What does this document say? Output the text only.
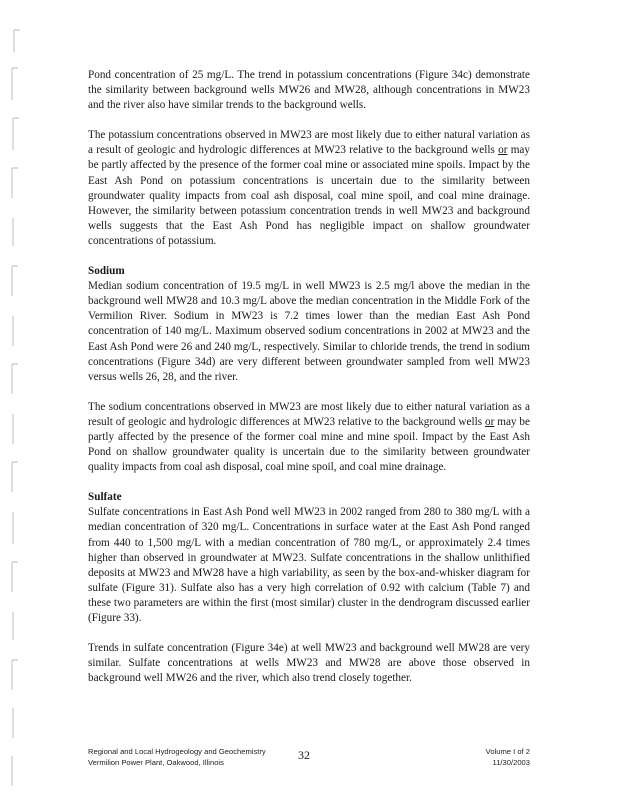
Pond concentration of 25 mg/L. The trend in potassium concentrations (Figure 34c) demonstrate the similarity between background wells MW26 and MW28, although concentrations in MW23 and the river also have similar trends to the background wells.

The potassium concentrations observed in MW23 are most likely due to either natural variation as a result of geologic and hydrologic differences at MW23 relative to the background wells or may be partly affected by the presence of the former coal mine or associated mine spoils. Impact by the East Ash Pond on potassium concentrations is uncertain due to the similarity between groundwater quality impacts from coal ash disposal, coal mine spoil, and coal mine drainage. However, the similarity between potassium concentration trends in well MW23 and background wells suggests that the East Ash Pond has negligible impact on shallow groundwater concentrations of potassium.

Sodium

Median sodium concentration of 19.5 mg/L in well MW23 is 2.5 mg/l above the median in the background well MW28 and 10.3 mg/L above the median concentration in the Middle Fork of the Vermilion River. Sodium in MW23 is 7.2 times lower than the median East Ash Pond concentration of 140 mg/L. Maximum observed sodium concentrations in 2002 at MW23 and the East Ash Pond were 26 and 240 mg/L, respectively. Similar to chloride trends, the trend in sodium concentrations (Figure 34d) are very different between groundwater sampled from well MW23 versus wells 26, 28, and the river.

The sodium concentrations observed in MW23 are most likely due to either natural variation as a result of geologic and hydrologic differences at MW23 relative to the background wells or may be partly affected by the presence of the former coal mine and mine spoil. Impact by the East Ash Pond on shallow groundwater quality is uncertain due to the similarity between groundwater quality impacts from coal ash disposal, coal mine spoil, and coal mine drainage.

Sulfate

Sulfate concentrations in East Ash Pond well MW23 in 2002 ranged from 280 to 380 mg/L with a median concentration of 320 mg/L. Concentrations in surface water at the East Ash Pond ranged from 440 to 1,500 mg/L with a median concentration of 780 mg/L, or approximately 2.4 times higher than observed in groundwater at MW23. Sulfate concentrations in the shallow unlithified deposits at MW23 and MW28 have a high variability, as seen by the box-and-whisker diagram for sulfate (Figure 31). Sulfate also has a very high correlation of 0.92 with calcium (Table 7) and these two parameters are within the first (most similar) cluster in the dendrogram discussed earlier (Figure 33).

Trends in sulfate concentration (Figure 34e) at well MW23 and background well MW28 are very similar. Sulfate concentrations at wells MW23 and MW28 are above those observed in background well MW26 and the river, which also trend closely together.

Regional and Local Hydrogeology and Geochemistry
Vermilion Power Plant, Oakwood, Illinois
32	Volume I of 2
11/30/2003
